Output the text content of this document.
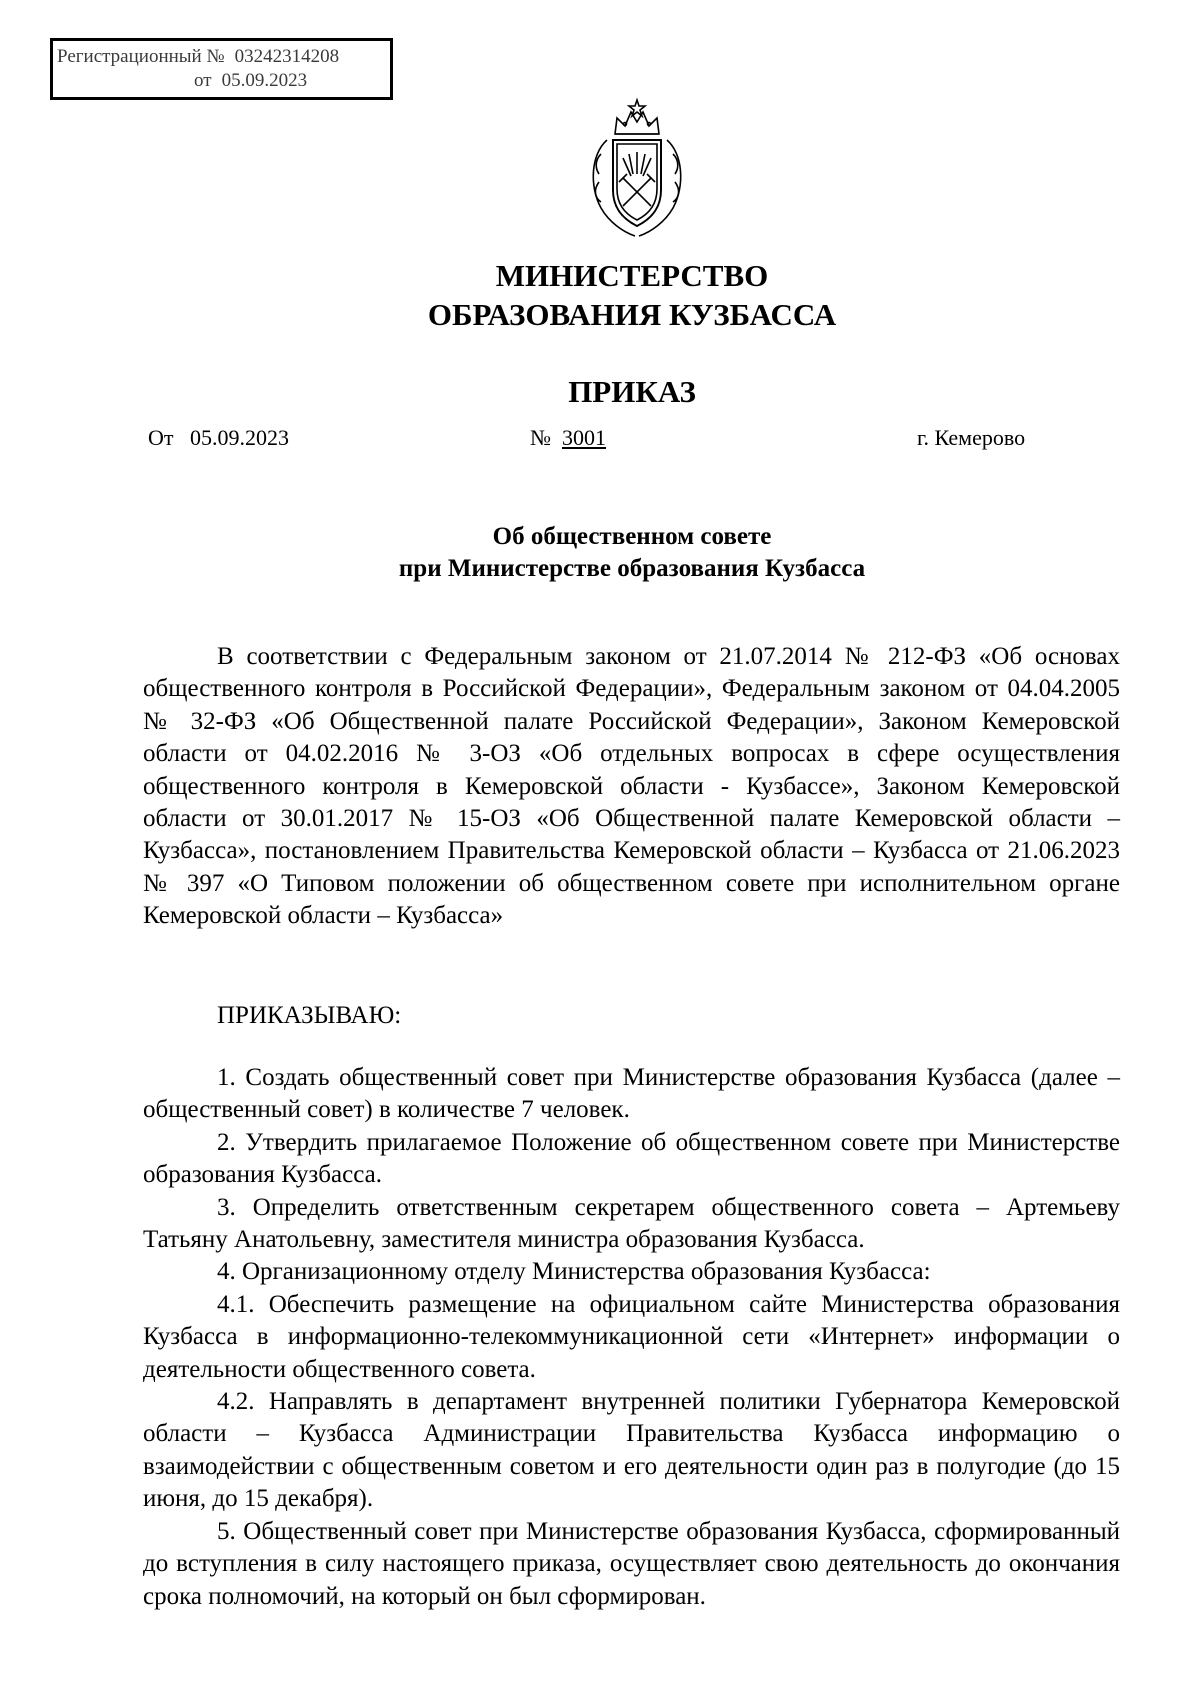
Регистрационный № 03242314208
от 05.09.2023
МИНИСТЕРСТВО
ОБРАЗОВАНИЯ КУЗБАССА
ПРИКАЗ
От 05.09.2023	№ 3001	г. Кемерово
Об общественном совете
при Министерстве образования Кузбасса

В соответствии с Федеральным законом от 21.07.2014 № 212-ФЗ «Об основах общественного контроля в Российской Федерации», Федеральным законом от 04.04.2005 № 32-ФЗ «Об Общественной палате Российской Федерации», Законом Кемеровской области от 04.02.2016 № 3-ОЗ «Об отдельных вопросах в сфере осуществления общественного контроля в Кемеровской области - Кузбассе», Законом Кемеровской области от 30.01.2017 № 15-ОЗ «Об Общественной палате Кемеровской области – Кузбасса», постановлением Правительства Кемеровской области – Кузбасса от 21.06.2023 № 397 «О Типовом положении об общественном совете при исполнительном органе Кемеровской области – Кузбасса»

ПРИКАЗЫВАЮ:

1. Создать общественный совет при Министерстве образования Кузбасса (далее – общественный совет) в количестве 7 человек.

2. Утвердить прилагаемое Положение об общественном совете при Министерстве образования Кузбасса.

3. Определить ответственным секретарем общественного совета – Артемьеву Татьяну Анатольевну, заместителя министра образования Кузбасса.

4. Организационному отделу Министерства образования Кузбасса:

4.1. Обеспечить размещение на официальном сайте Министерства образования Кузбасса в информационно-телекоммуникационной сети «Интернет» информации о деятельности общественного совета.

4.2. Направлять в департамент внутренней политики Губернатора Кемеровской области – Кузбасса Администрации Правительства Кузбасса информацию о взаимодействии с общественным советом и его деятельности один раз в полугодие (до 15 июня, до 15 декабря).

5. Общественный совет при Министерстве образования Кузбасса, сформированный до вступления в силу настоящего приказа, осуществляет свою деятельность до окончания срока полномочий, на который он был сформирован.
